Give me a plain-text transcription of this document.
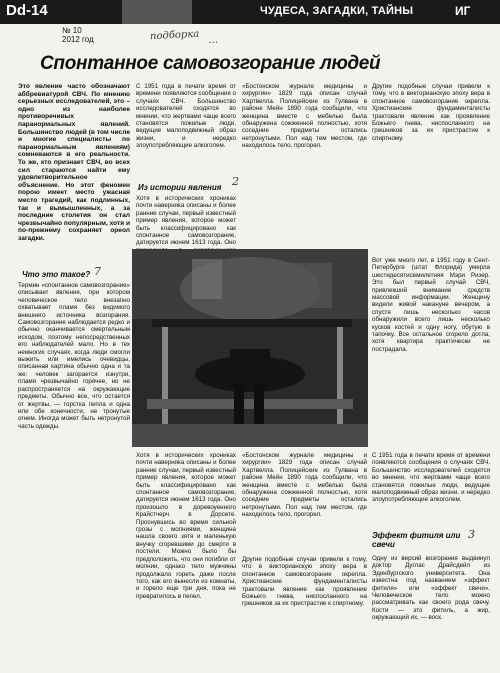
Dd-14	ЧУДЕСА, ЗАГАДКИ, ТАЙНЫ	ИГ
№ 10
2012 год	подборка …
Спонтанное самовозгорание людей
Это явление часто обозначают аббревиатурой СВЧ. По мнению серьезных исследователей, это – одно из наиболее противоречивых паранормальных явлений. Большинство людей (в том числе и многие специалисты по паранормальным явлениям) сомневаются в его реальности. То же, кто признает СВЧ, во всех сил стараются найти ему удовлетворительное объяснение. Но этот феномен порою имеет место ужасная место трагедий, как подлинных, так и вымышленных, а за последние столетия он стал чрезвычайно популярным, хотя и по-прежнему сохраняет ореол загадки.
Что это такое? 7
Термин «спонтанное самовозгорание» описывает явление, при котором человеческое тело внезапно охватывает пламя без видимого внешнего источника возгорания. Самовозгорание наблюдается редко и обычно оканчивается смертельным исходом, поэтому непосредственных его наблюдателей мало. Но в тех немногих случаях, когда люди смогли выжить или имелись очевидцы, описанная картина обычно одна и та же: человек загорается изнутри, пламя чрезвычайно горячее, но не распространяется на окружающие предметы. Обычно все, что остается от жертвы, — горстка пепла и одна или обе конечности, не тронутые огнем. Иногда может быть нетронутой часть одежды.
С 1951 года в печати время от времени появляются сообщения о случаях СВЧ. Большинство исследователей сходятся во мнении, что жертвами чаще всего становятся пожилые люди, ведущие малоподвижный образ жизни, и нередко злоупотребляющие алкоголем.
Из истории явления 2
Хотя в исторических хрониках почти наверняка описаны и более ранние случаи, первый известный пример явления, которое может быть классифицировано как спонтанное самовозгорание, датируется июнем 1613 года. Оно
«Бостонском журнале медицины и хирургии» 1829 года описан случай Хартвелла. Полицейские из Гулвана в районе Мейн 1890 года сообщили, что женщина вместе с мебелью была обнаружена сожженной полностью, хотя соседние предметы остались нетронутыми. Пол над тем местом, где находилось тело, прогорел.
Хотя в исторических хрониках почти наверняка описаны и более ранние случаи, первый известный пример явления, которое может быть классифицировано как спонтанное самовозгорание, датируется июнем 1613 года. Оно произошло в доревоуенного Крайстчерч в Дорсете. Проснувшись во время сильной грозы с молниями, женщина нашла своего зятя и маленькую внучку сгоревшими до смерти в постели. Можно было бы предположить, что они погибли от молнии, однако тело мужчины продолжало гореть даже после того, как его вынесли из комнаты, и горело еще три дня, пока не превратилось в пепел.
«Бостонском журнале медицины и хирургии» 1829 года описан случай Хартвелла. Полицейские из Гулвана в районе Мейн 1890 года сообщили, что женщина вместе с мебелью была обнаружена сожженной полностью, хотя соседние предметы остались нетронутыми. Пол над тем местом, где находилось тело, прогорел.
Другие подобные случаи привели к тому, что в викторианскую эпоху вера в спонтанное самовозгорание окрепла. Христианские фундаменталисты трактовали явление как проявление Божьего гнева, ниспосланного на грешников за их пристрастие к спиртному.
Другие подобные случаи привели к тому, что в викторианскую эпоху вера в спонтанное самовозгорание окрепла. Христианские фундаменталисты трактовали явление как проявление Божьего гнева, ниспосланного на грешников за их пристрастие к спиртному.
Вот уже много лет, в 1951 году в Сент-Петербурге (штат Флорида) умерла шестидесятисемилетняя Мэри Ризер. Это был первый случай СВЧ, привлекший внимание средств массовой информации. Женщину видели живой накануне вечером, а спустя лишь несколько часов обнаружили всего лишь несколько кусков костей и одну ногу, обутую в тапочку. Все остальное сгорело дотла, хотя квартира практически не пострадала.
С 1951 года в печати время от времени появляются сообщения о случаях СВЧ. Большинство исследователей сходятся во мнении, что жертвами чаще всего становятся пожилые люди, ведущие малоподвижный образ жизни, и нередко злоупотребляющие алкоголем.
Эффект фитиля или свечи
3
Одну из версий возгорания выдвинул доктор Дуглас Драйсдейл из Эдинбургского университета. Она известна под названием «эффект фитиля» или «эффект свечи». Человеческое тело можно рассматривать как своего рода свечу. Кости — это фитиль, а жир, окружающий их, — воск.
